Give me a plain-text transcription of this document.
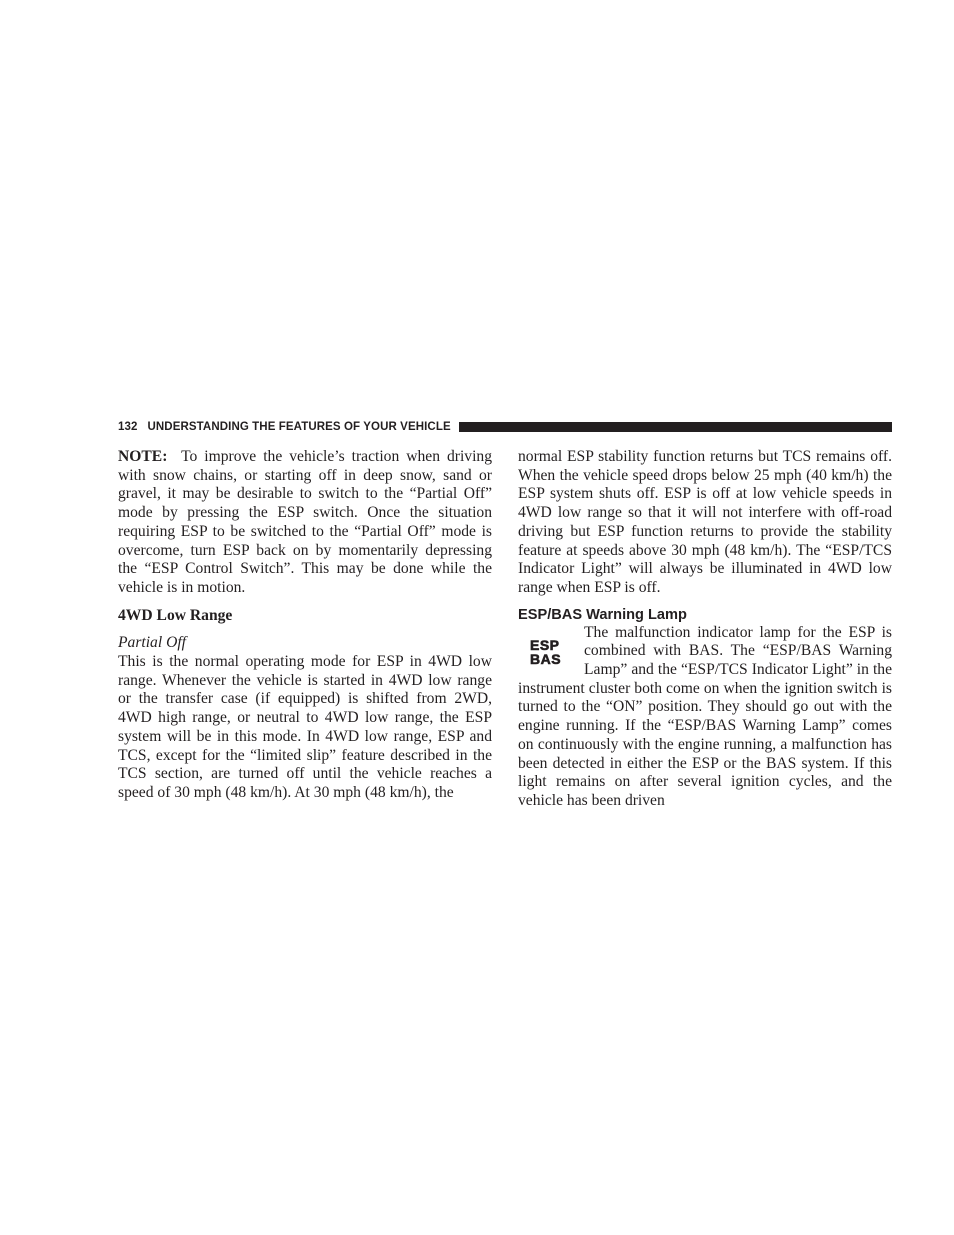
132 UNDERSTANDING THE FEATURES OF YOUR VEHICLE

NOTE: To improve the vehicle’s traction when driving with snow chains, or starting off in deep snow, sand or gravel, it may be desirable to switch to the “Partial Off” mode by pressing the ESP switch. Once the situation requiring ESP to be switched to the “Partial Off” mode is overcome, turn ESP back on by momentarily depressing the “ESP Control Switch”. This may be done while the vehicle is in motion.

4WD Low Range

Partial Off

This is the normal operating mode for ESP in 4WD low range. Whenever the vehicle is started in 4WD low range or the transfer case (if equipped) is shifted from 2WD, 4WD high range, or neutral to 4WD low range, the ESP system will be in this mode. In 4WD low range, ESP and TCS, except for the “limited slip” feature described in the TCS section, are turned off until the vehicle reaches a speed of 30 mph (48 km/h). At 30 mph (48 km/h), the

normal ESP stability function returns but TCS remains off. When the vehicle speed drops below 25 mph (40 km/h) the ESP system shuts off. ESP is off at low vehicle speeds in 4WD low range so that it will not interfere with off-road driving but ESP function returns to provide the stability feature at speeds above 30 mph (48 km/h). The “ESP/TCS Indicator Light” will always be illuminated in 4WD low range when ESP is off.

ESP/BAS Warning Lamp

ESP
BAS

The malfunction indicator lamp for the ESP is combined with BAS. The “ESP/BAS Warning Lamp” and the “ESP/TCS Indicator Light” in the instrument cluster both come on when the ignition switch is turned to the “ON” position. They should go out with the engine running. If the “ESP/BAS Warning Lamp” comes on continuously with the engine running, a malfunction has been detected in either the ESP or the BAS system. If this light remains on after several ignition cycles, and the vehicle has been driven
